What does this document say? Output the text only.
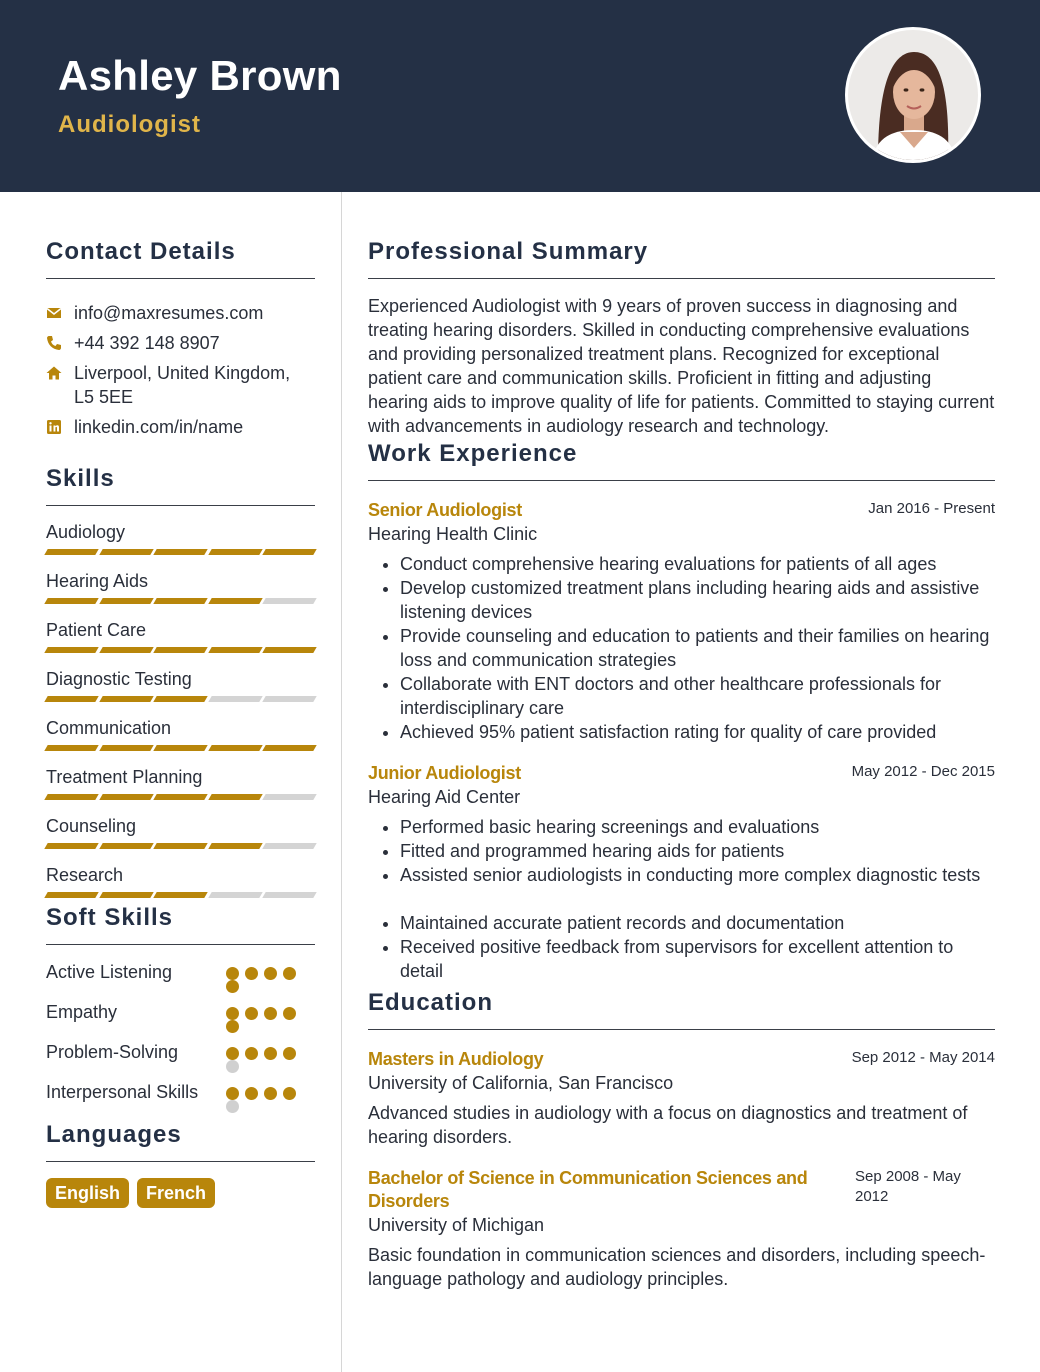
Ashley Brown
Audiologist
Contact Details
info@maxresumes.com
+44 392 148 8907
Liverpool, United Kingdom, L5 5EE
linkedin.com/in/name
Skills
Audiology
Hearing Aids
Patient Care
Diagnostic Testing
Communication
Treatment Planning
Counseling
Research
Soft Skills
Active Listening
Empathy
Problem-Solving
Interpersonal Skills
Languages
English	French
Professional Summary
Experienced Audiologist with 9 years of proven success in diagnosing and treating hearing disorders. Skilled in conducting comprehensive evaluations and providing personalized treatment plans. Recognized for exceptional patient care and communication skills. Proficient in fitting and adjusting hearing aids to improve quality of life for patients. Committed to staying current with advancements in audiology research and technology.
Work Experience
Senior Audiologist	Jan 2016 - Present
Hearing Health Clinic
• Conduct comprehensive hearing evaluations for patients of all ages
• Develop customized treatment plans including hearing aids and assistive listening devices
• Provide counseling and education to patients and their families on hearing loss and communication strategies
• Collaborate with ENT doctors and other healthcare professionals for interdisciplinary care
• Achieved 95% patient satisfaction rating for quality of care provided
Junior Audiologist	May 2012 - Dec 2015
Hearing Aid Center
• Performed basic hearing screenings and evaluations
• Fitted and programmed hearing aids for patients
• Assisted senior audiologists in conducting more complex diagnostic tests
• Maintained accurate patient records and documentation
• Received positive feedback from supervisors for excellent attention to detail
Education
Masters in Audiology	Sep 2012 - May 2014
University of California, San Francisco
Advanced studies in audiology with a focus on diagnostics and treatment of hearing disorders.
Bachelor of Science in Communication Sciences and Disorders
Sep 2008 - May 2012
University of Michigan
Basic foundation in communication sciences and disorders, including speech-language pathology and audiology principles.
